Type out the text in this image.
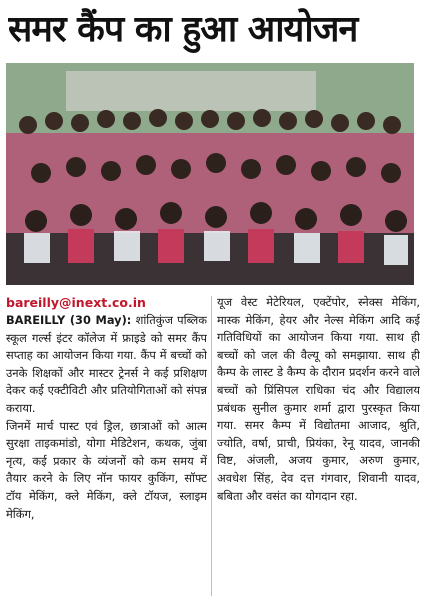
समर कैंप का हुआ आयोजन
bareilly@inext.co.in

BAREILLY (30 May): शांतिकुंज पब्लिक स्कूल गर्ल्स इंटर कॉलेज में फ्राइडे को समर कैंप सप्ताह का आयोजन किया गया. कैंप में बच्चों को उनके शिक्षकों और मास्टर ट्रेनर्स ने कई प्रशिक्षण देकर कई एक्टीविटी और प्रतियोगिताओं को संपन्न कराया.

जिनमें मार्च पास्ट एवं ड्रिल, छात्राओं को आत्म सुरक्षा ताइकमांडो, योगा मेडिटेशन, कथक, जुंबा नृत्य, कई प्रकार के व्यंजनों को कम समय में तैयार करने के लिए नॉन फायर कुकिंग, सॉफ्ट टॉय मेकिंग, क्ले मेकिंग, क्ले टॉयज, स्लाइम मेकिंग,

यूज वेस्ट मेटेरियल, एक्टेंपोर, स्नेक्स मेकिंग, मास्क मेकिंग, हेयर और नेल्स मेकिंग आदि कई गतिविधियों का आयोजन किया गया. साथ ही बच्चों को जल की वैल्यू को समझाया. साथ ही कैम्प के लास्ट डे कैम्प के दौरान प्रदर्शन करने वाले बच्चों को प्रिंसिपल राधिका चंद और विद्यालय प्रबंधक सुनील कुमार शर्मा द्वारा पुरस्कृत किया गया. समर कैम्प में विद्योतमा आजाद, श्रुति, ज्योति, वर्षा, प्राची, प्रियंका, रेनू यादव, जानकी विष्ट, अंजली, अजय कुमार, अरुण कुमार, अवधेश सिंह, देव दत्त गंगवार, शिवानी यादव, बबिता और वसंत का योगदान रहा.
